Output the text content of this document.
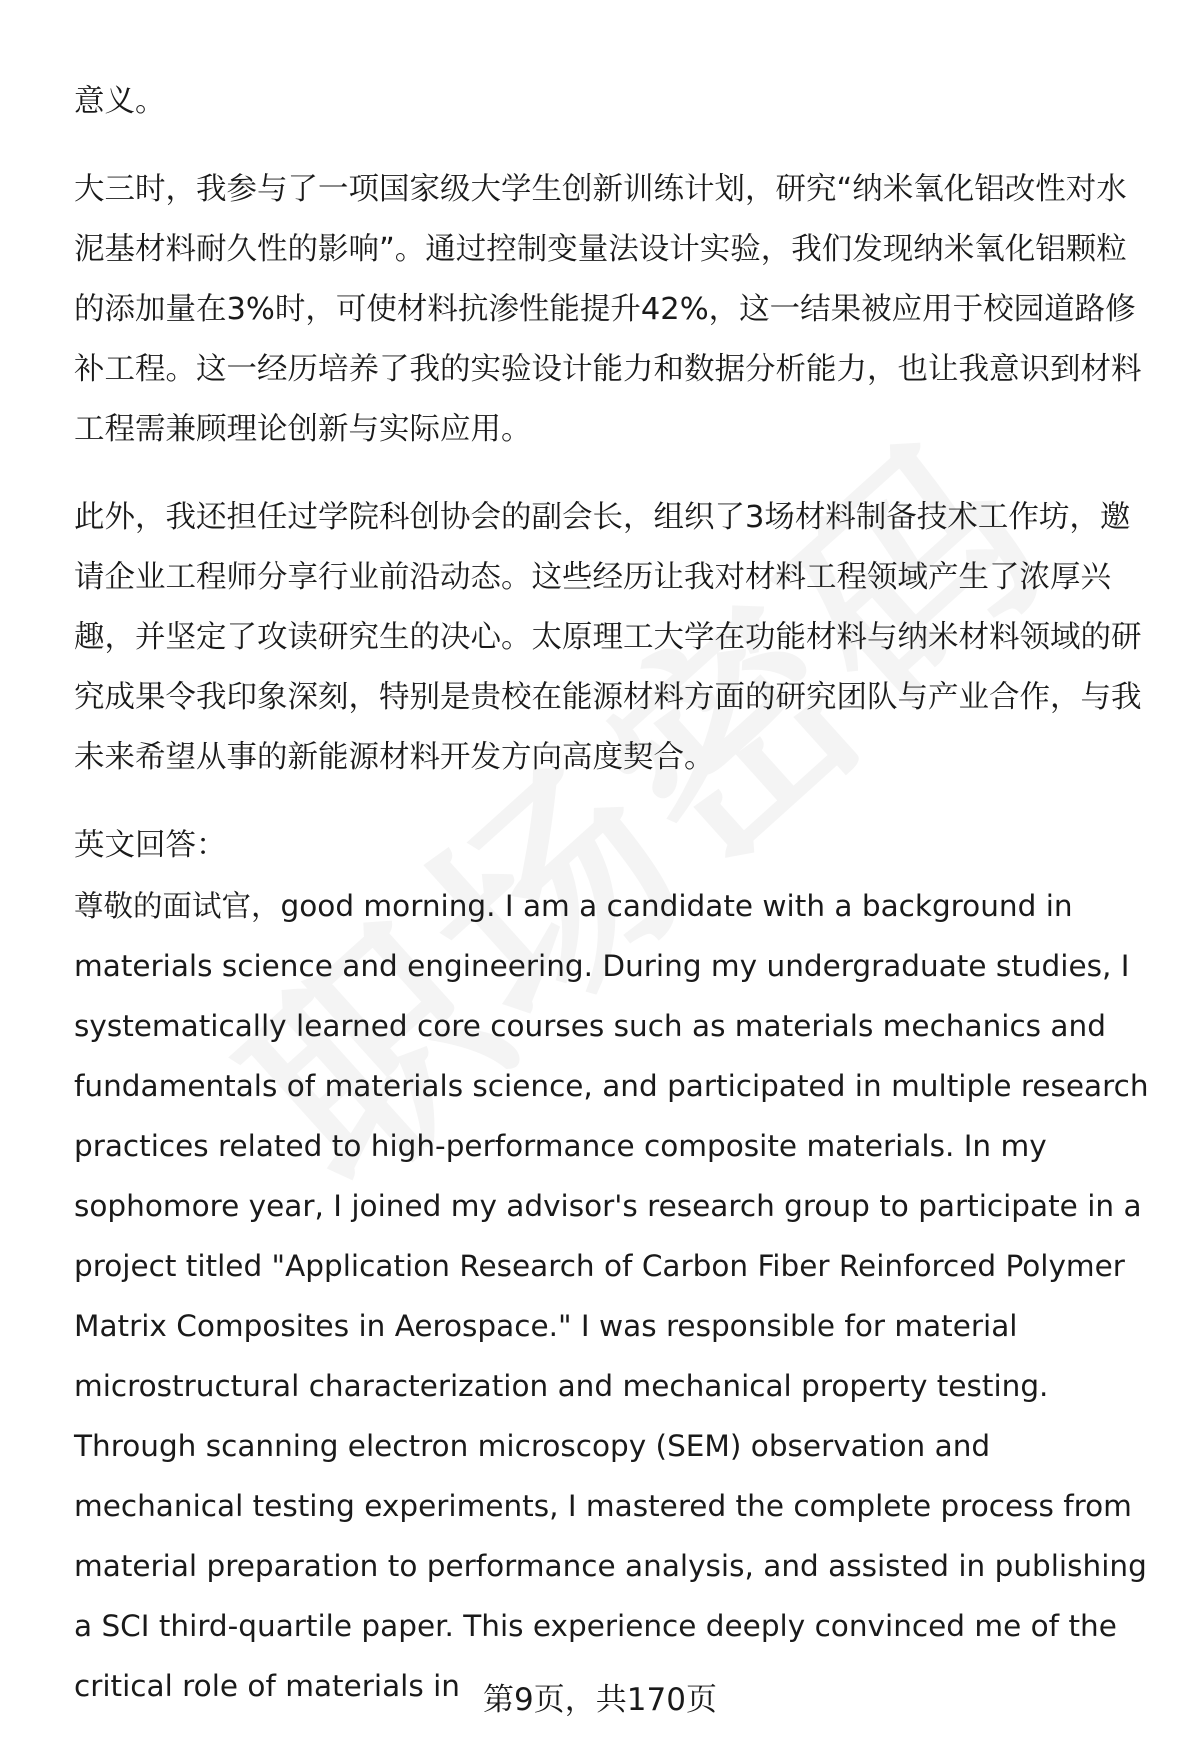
意义。

大三时，我参与了一项国家级大学生创新训练计划，研究“纳米氧化铝改性对水泥基材料耐久性的影响”。通过控制变量法设计实验，我们发现纳米氧化铝颗粒的添加量在3%时，可使材料抗渗性能提升42%，这一结果被应用于校园道路修补工程。这一经历培养了我的实验设计能力和数据分析能力，也让我意识到材料工程需兼顾理论创新与实际应用。

此外，我还担任过学院科创协会的副会长，组织了3场材料制备技术工作坊，邀请企业工程师分享行业前沿动态。这些经历让我对材料工程领域产生了浓厚兴趣，并坚定了攻读研究生的决心。太原理工大学在功能材料与纳米材料领域的研究成果令我印象深刻，特别是贵校在能源材料方面的研究团队与产业合作，与我未来希望从事的新能源材料开发方向高度契合。

英文回答：

尊敬的面试官，good morning. I am a candidate with a background in materials science and engineering. During my undergraduate studies, I systematically learned core courses such as materials mechanics and fundamentals of materials science, and participated in multiple research practices related to high-performance composite materials. In my sophomore year, I joined my advisor's research group to participate in a project titled "Application Research of Carbon Fiber Reinforced Polymer Matrix Composites in Aerospace." I was responsible for material microstructural characterization and mechanical property testing. Through scanning electron microscopy (SEM) observation and mechanical testing experiments, I mastered the complete process from material preparation to performance analysis, and assisted in publishing a SCI third-quartile paper. This experience deeply convinced me of the critical role of materials in 第9页，共170页
